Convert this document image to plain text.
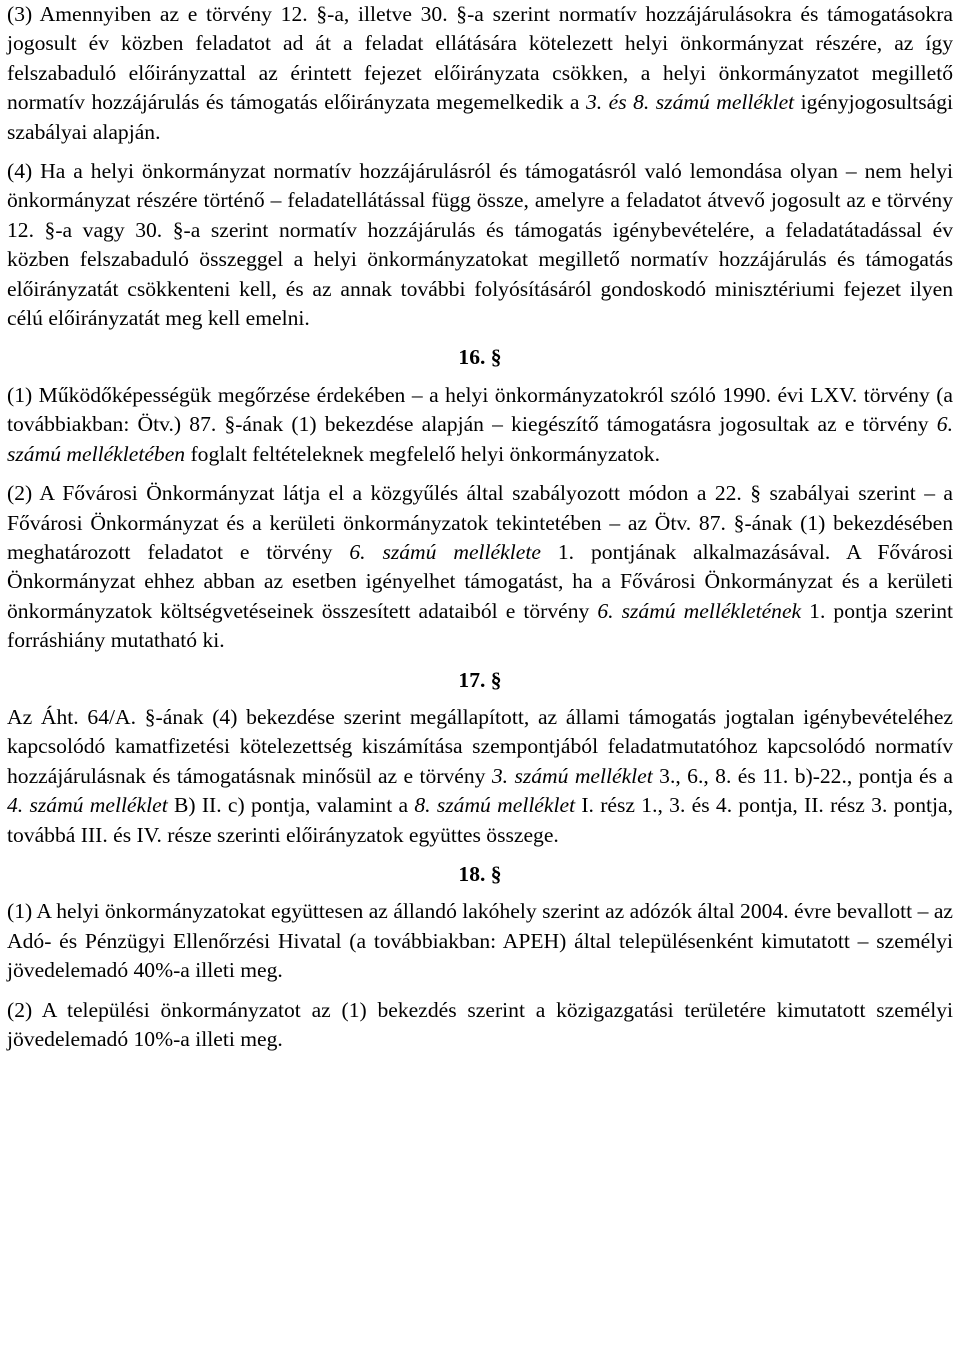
(3) Amennyiben az e törvény 12. §-a, illetve 30. §-a szerint normatív hozzájárulásokra és támogatásokra jogosult év közben feladatot ad át a feladat ellátására kötelezett helyi önkormányzat részére, az így felszabaduló előirányzattal az érintett fejezet előirányzata csökken, a helyi önkormányzatot megillető normatív hozzájárulás és támogatás előirányzata megemelkedik a 3. és 8. számú melléklet igényjogosultsági szabályai alapján.

(4) Ha a helyi önkormányzat normatív hozzájárulásról és támogatásról való lemondása olyan – nem helyi önkormányzat részére történő – feladatellátással függ össze, amelyre a feladatot átvevő jogosult az e törvény 12. §-a vagy 30. §-a szerint normatív hozzájárulás és támogatás igénybevételére, a feladatátadással év közben felszabaduló összeggel a helyi önkormányzatokat megillető normatív hozzájárulás és támogatás előirányzatát csökkenteni kell, és az annak további folyósításáról gondoskodó minisztériumi fejezet ilyen célú előirányzatát meg kell emelni.

16. §

(1) Működőképességük megőrzése érdekében – a helyi önkormányzatokról szóló 1990. évi LXV. törvény (a továbbiakban: Ötv.) 87. §-ának (1) bekezdése alapján – kiegészítő támogatásra jogosultak az e törvény 6. számú mellékletében foglalt feltételeknek megfelelő helyi önkormányzatok.

(2) A Fővárosi Önkormányzat látja el a közgyűlés által szabályozott módon a 22. § szabályai szerint – a Fővárosi Önkormányzat és a kerületi önkormányzatok tekintetében – az Ötv. 87. §-ának (1) bekezdésében meghatározott feladatot e törvény 6. számú melléklete 1. pontjának alkalmazásával. A Fővárosi Önkormányzat ehhez abban az esetben igényelhet támogatást, ha a Fővárosi Önkormányzat és a kerületi önkormányzatok költségvetéseinek összesített adataiból e törvény 6. számú mellékletének 1. pontja szerint forráshiány mutatható ki.

17. §

Az Áht. 64/A. §-ának (4) bekezdése szerint megállapított, az állami támogatás jogtalan igénybevételéhez kapcsolódó kamatfizetési kötelezettség kiszámítása szempontjából feladatmutatóhoz kapcsolódó normatív hozzájárulásnak és támogatásnak minősül az e törvény 3. számú melléklet 3., 6., 8. és 11. b)-22., pontja és a 4. számú melléklet B) II. c) pontja, valamint a 8. számú melléklet I. rész 1., 3. és 4. pontja, II. rész 3. pontja, továbbá III. és IV. része szerinti előirányzatok együttes összege.

18. §

(1) A helyi önkormányzatokat együttesen az állandó lakóhely szerint az adózók által 2004. évre bevallott – az Adó- és Pénzügyi Ellenőrzési Hivatal (a továbbiakban: APEH) által településenként kimutatott – személyi jövedelemadó 40%-a illeti meg.

(2) A települési önkormányzatot az (1) bekezdés szerint a közigazgatási területére kimutatott személyi jövedelemadó 10%-a illeti meg.
